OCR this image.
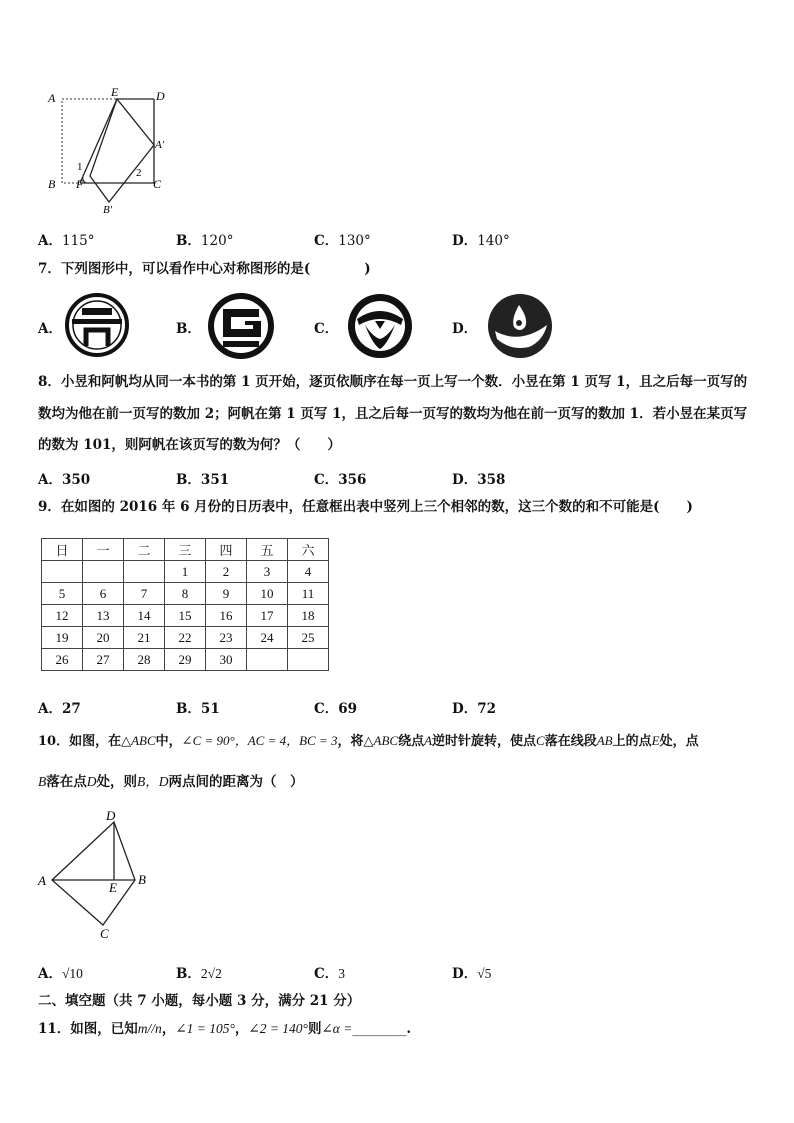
A	E	D
A'
1	2
B F	C
B'
A．115°	B．120°	C．130°	D．140°
7．下列图形中，可以看作中心对称图形的是(　　　　)
A．	B．	C．	D．
8．小昱和阿帆均从同一本书的第 1 页开始，逐页依顺序在每一页上写一个数．小昱在第 1 页写 1，且之后每一页写的
数均为他在前一页写的数加 2；阿帆在第 1 页写 1，且之后每一页写的数均为他在前一页写的数加 1．若小昱在某页写
的数为 101，则阿帆在该页写的数为何？（　　）
A．350	B．351	C．356	D．358
9．在如图的 2016 年 6 月份的日历表中，任意框出表中竖列上三个相邻的数，这三个数的和不可能是(　　)
日	一	二	三	四	五	六
			1	2	3	4
5	6	7	8	9	10	11
12	13	14	15	16	17	18
19	20	21	22	23	24	25
26	27	28	29	30		
A．27	B．51	C．69	D．72
10．如图，在△ABC中，∠C = 90°，AC = 4，BC = 3，将△ABC绕点A逆时针旋转，使点C落在线段AB上的点E处，点
B落在点D处，则B，D两点间的距离为（　）
D
A	E
B
C
A．√10	B．2√2	C．3	D．√5
二、填空题（共 7 小题，每小题 3 分，满分 21 分）
11．如图，已知m//n，∠1 = 105°，∠2 = 140°则∠α =________.
